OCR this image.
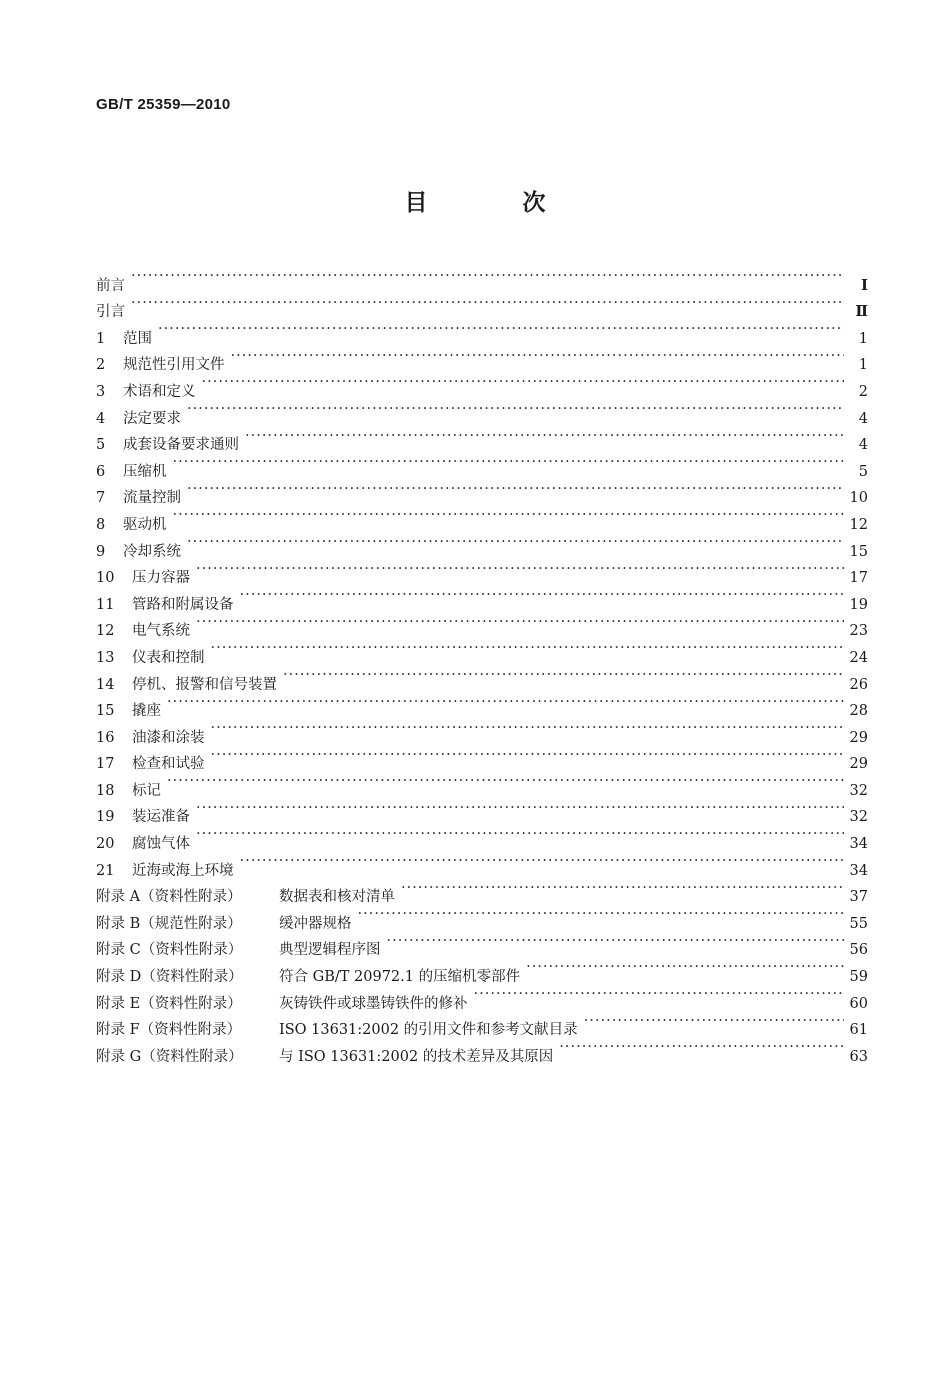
GB/T 25359—2010
目　次
前言 ·····	Ⅰ
引言 ·····	Ⅱ
1	范围 ·····	1
2	规范性引用文件 ·····	1
3	术语和定义 ·····	2
4	法定要求 ·····	4
5	成套设备要求通则 ·····	4
6	压缩机 ·····	5
7	流量控制 ·····	10
8	驱动机 ·····	12
9	冷却系统 ·····	15
10	压力容器 ·····	17
11	管路和附属设备 ·····	19
12	电气系统 ·····	23
13	仪表和控制 ·····	24
14	停机、报警和信号装置 ·····	26
15	撬座 ·····	28
16	油漆和涂装 ·····	29
17	检查和试验 ·····	29
18	标记 ·····	32
19	装运准备 ·····	32
20	腐蚀气体 ·····	34
21	近海或海上环境 ·····	34
附录 A（资料性附录）	数据表和核对清单 ·····	37
附录 B（规范性附录）	缓冲器规格 ·····	55
附录 C（资料性附录）	典型逻辑程序图 ·····	56
附录 D（资料性附录）	符合 GB/T 20972.1 的压缩机零部件 ·····	59
附录 E（资料性附录）	灰铸铁件或球墨铸铁件的修补 ·····	60
附录 F（资料性附录）	ISO 13631:2002 的引用文件和参考文献目录 ·····	61
附录 G（资料性附录）	与 ISO 13631:2002 的技术差异及其原因 ·····	63
